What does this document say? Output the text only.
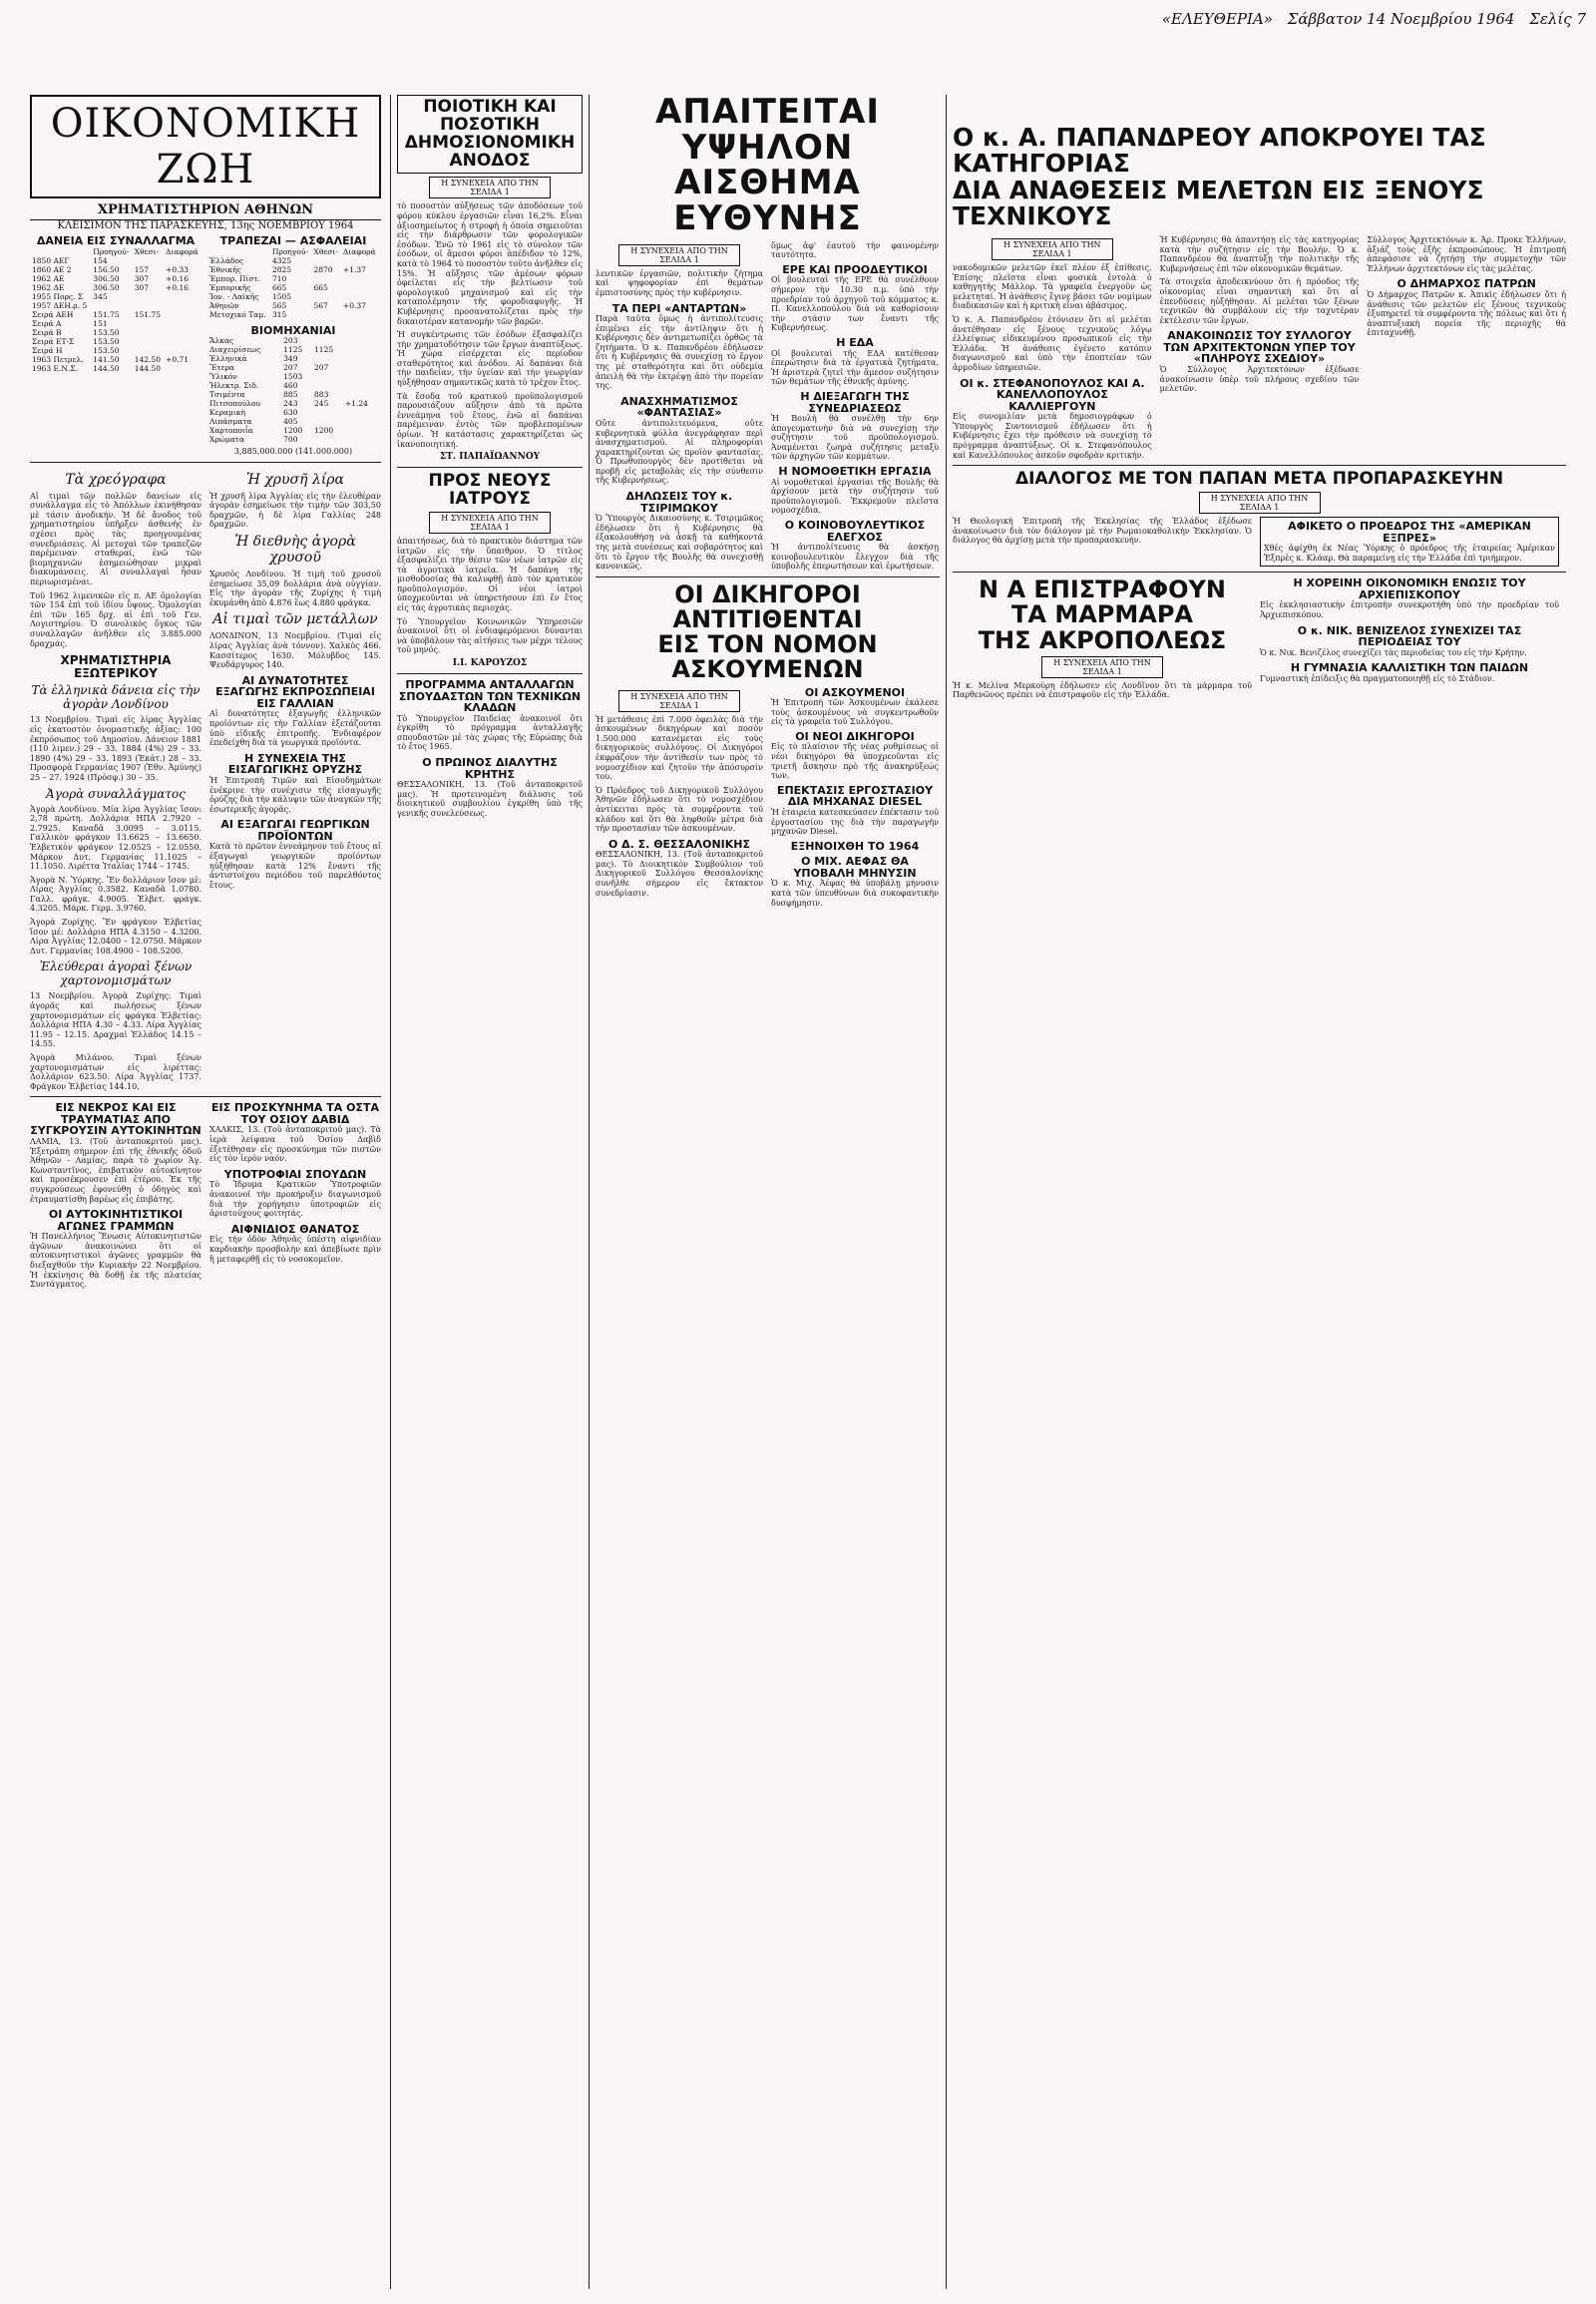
«ΕΛΕΥΘΕΡΙΑ» Σάββατον 14 Νοεμβρίου 1964 Σελίς 7
ΟΙΚΟΝΟΜΙΚΗ ΖΩΗ
ΧΡΗΜΑΤΙΣΤΗΡΙΟΝ ΑΘΗΝΩΝ
ΚΛΕΙΣΙΜΟΝ ΤΗΣ ΠΑΡΑΣΚΕΥΗΣ, 13ης ΝΟΕΜΒΡΙΟΥ 1964
ΔΑΝΕΙΑ ΕΙΣ ΣΥΝΑΛΛΑΓΜΑ
	Προηγού-	Χθεσι-	Διαφορά
1850 ΑΕΓ	154		
1860 ΑΕ 2	156.50	157	+0.33
1962 ΑΕ	306.50	307	+0.16
1962 ΔΕ	306.50	307	+0.16
1955 Πορς. Σ	345		
1957 ΔΕΗ.ρ. 5			
Σειρά ΑΕΗ	151.75	151.75	
Σειρά Α	151		
Σειρά Β	153.50		
Σειρά ΕΤ-Σ	153.50		
Σειρά Η	153.50		
1963 Πετρελ.	141.50	142.50	+0.71
1963 Ε.Ν.Σ.	144.50	144.50	
ΤΡΑΠΕΖΑΙ — ΑΣΦΑΛΕΙΑΙ
	Προηγού-	Χθεσι-	Διαφορά
Ἑλλάδος	4325		
Ἐθνικῆς	2825	2870	+1.37
Ἐμπορ. Πίστ.	710		
Ἐμπορικῆς	665	665	
Ἰον. - Λαϊκῆς	1505		
Ἀθηνῶν	565	567	+0.37
Μετοχικό Ταμ.	315		
ΒΙΟΜΗΧΑΝΙΑΙ
Ἄλκας	203		
Διαχειρίσεως	1125	1125	
Ἐλληνικὰ	349		
Ἔτερα	207	207	
Ὑλικόν	1503		
Ἠλεκτρ. Σιδ.	460		
Τσιμέντα	885	883	
Πιτσοπούλου	243	245	+1.24
Κεραμικὴ	630		
Λιπάσματα	405		
Χαρτοποιΐα	1200	1200	
Χρώματα	700		
3,885,000.000 (141.000.000)
Τὰ χρεόγραφα
Αἱ τιμαὶ τῶν πολλῶν δανείων εἰς συνάλλαγμα εἶς τὸ Ἀπόλλων ἐκινήθησαν μὲ τάσιν ἀνοδικήν. Ἡ δὲ ἄνοδος τοῦ χρηματιστηρίου ὑπῆρξεν ἀσθενὴς ἐν σχέσει πρὸς τὰς προηγουμένας συνεδριάσεις. Αἱ μετοχαὶ τῶν τραπεζῶν παρέμειναν σταθεραί, ἐνῶ τῶν βιομηχανιῶν ἐσημειώθησαν μικραὶ διακυμάνσεις. Αἱ συναλλαγαὶ ἦσαν περιωρισμέναι.
Τοῦ 1962 λιμενικῶν εἰς π. ΑΕ ὁμολογίαι τῶν 154 ἐπὶ τοῦ ἰδίου ὕψους. Ὁμολογίαι ἐπὶ τῶν 165 δρχ. αἱ ἐπὶ τοῦ Γεν. Λογιστηρίου. Ὁ συνολικὸς ὄγκος τῶν συναλλαγῶν ἀνῆλθεν εἰς 3.885.000 δραχμάς.
ΧΡΗΜΑΤΙΣΤΗΡΙΑ ΕΞΩΤΕΡΙΚΟΥ
Τὰ ἑλληνικὰ δάνεια εἰς τὴν ἀγορὰν Λονδίνου
13 Νοεμβρίου. Τιμαὶ εἰς λίρας Ἀγγλίας εἰς ἑκατοστὸν ὀνομαστικῆς ἀξίας: 100 ἐκπρόσωπος τοῦ Δημοσίου. Δάνειον 1881 (110 λιμεν.) 29 – 33. 1884 (4%) 29 – 33. 1890 (4%) 29 – 33. 1893 (Ἑκάτ.) 28 – 33. Προσφορὰ Γερμανίας 1907 (Ἑθν. Ἀμύνης) 25 – 27. 1924 (Πρόσφ.) 30 – 35.
Ἀγορὰ συναλλάγματος
Ἀγορὰ Λονδίνου. Μία λίρα Ἀγγλίας ἴσον: 2,78 πρώτη. Δολλάρια ΗΠΑ 2.7920 – 2.7925. Καναδᾶ 3.0095 – 3.0115. Γαλλικὸν φράγκον 13.6625 – 13.6650. Ἑλβετικὸν φράγκον 12.0525 – 12.0550. Μάρκον Δυτ. Γερμανίας 11.1025 – 11.1050. Λιρέττα Ἰταλίας 1744 – 1745.
Ἀγορὰ Ν. Ὑόρκης. Ἕν δολλάριον ἴσον μὲ: Λίρας Ἀγγλίας 0.3582. Καναδᾶ 1.0780. Γαλλ. φράγκ. 4.9005. Ἑλβετ. φράγκ. 4.3205. Μάρκ. Γερμ. 3.9760.
Ἀγορὰ Ζυρίχης. Ἕν φράγκον Ἑλβετίας ἴσον μέ: Δολλάρια ΗΠΑ 4.3150 – 4.3200. Λίρα Ἀγγλίας 12.0400 – 12.0750. Μάρκον Δυτ. Γερμανίας 108.4900 – 108.5200.
Ἐλεύθεραι ἀγοραὶ ξένων χαρτονομισμάτων
13 Νοεμβρίου. Ἀγορὰ Ζυρίχης: Τιμαὶ ἀγορᾶς καὶ πωλήσεως ξένων χαρτονομισμάτων εἰς φράγκα Ἑλβετίας: Δολλάρια ΗΠΑ 4.30 – 4.33. Λίρα Ἀγγλίας 11.95 – 12.15. Δραχμαὶ Ἑλλάδος 14.15 – 14.55.
Ἀγορὰ Μιλάνου. Τιμαὶ ξένων χαρτονομισμάτων εἰς λιρέττας: Δολλάριον 623.50. Λίρα Ἀγγλίας 1737. Φράγκον Ἑλβετίας 144.10.
Ἡ χρυσῆ λίρα
Ἡ χρυσῆ λίρα Ἀγγλίας εἰς τὴν ἐλευθέραν ἀγορὰν ἐσημείωσε τὴν τιμὴν τῶν 303,50 δραχμῶν, ἡ δὲ λίρα Γαλλίας 248 δραχμῶν.
Ἡ διεθνὴς ἀγορὰ χρυσοῦ
Χρυσὸς Λονδίνου. Ἡ τιμὴ τοῦ χρυσοῦ ἐσημείωσε 35,09 δολλάρια ἀνὰ οὐγγίαν. Εἰς τὴν ἀγορὰν τῆς Ζυρίχης ἡ τιμὴ ἐκυμάνθη ἀπὸ 4.876 ἕως 4.880 φράγκα.
Αἱ τιμαὶ τῶν μετάλλων
ΛΟΝΔΙΝΟΝ, 13 Νοεμβρίου. (Τιμαὶ εἰς λίρας Ἀγγλίας ἀνὰ τόννον). Χαλκὸς 466. Κασσίτερος 1630. Μόλυβδος 145. Ψευδάργυρος 140.
ΑΙ ΔΥΝΑΤΟΤΗΤΕΣ ΕΞΑΓΩΓΗΣ ΕΚΠΡΟΣΩΠΕΙΑΙ ΕΙΣ ΓΑΛΛΙΑΝ
Αἱ δυνατότητες ἐξαγωγῆς ἑλληνικῶν προϊόντων εἰς τὴν Γαλλίαν ἐξετάζονται ὑπὸ εἰδικῆς ἐπιτροπῆς. Ἐνδιαφέρον ἐπεδείχθη διὰ τὰ γεωργικὰ προϊόντα.
Η ΣΥΝΕΧΕΙΑ ΤΗΣ ΕΙΣΑΓΩΓΙΚΗΣ ΟΡΥΖΗΣ
Ἡ Ἐπιτροπὴ Τιμῶν καὶ Εἰσοδημάτων ἐνέκρινε τὴν συνέχισιν τῆς εἰσαγωγῆς ὀρύζης διὰ τὴν κάλυψιν τῶν ἀναγκῶν τῆς ἐσωτερικῆς ἀγορᾶς.
ΑΙ ΕΞΑΓΩΓΑΙ ΓΕΩΡΓΙΚΩΝ ΠΡΟΪΟΝΤΩΝ
Κατὰ τὸ πρῶτον ἐννεάμηνον τοῦ ἔτους αἱ ἐξαγωγαὶ γεωργικῶν προϊόντων ηὐξήθησαν κατὰ 12% ἔναντι τῆς ἀντιστοίχου περιόδου τοῦ παρελθόντος ἔτους.
ΕΙΣ ΝΕΚΡΟΣ ΚΑΙ ΕΙΣ ΤΡΑΥΜΑΤΙΑΣ ΑΠΟ ΣΥΓΚΡΟΥΣΙΝ ΑΥΤΟΚΙΝΗΤΩΝ
ΛΑΜΙΑ, 13. (Τοῦ ἀνταποκριτοῦ μας). Ἐξετράπη σήμερον ἐπὶ τῆς ἐθνικῆς ὁδοῦ Ἀθηνῶν - Λαμίας, παρὰ τὸ χωρίον Ἁγ. Κωνσταντῖνος, ἐπιβατικὸν αὐτοκίνητον καὶ προσέκρουσεν ἐπὶ ἐτέρου. Ἐκ τῆς συγκρούσεως ἐφονεύθη ὁ ὁδηγὸς καὶ ἐτραυματίσθη βαρέως εἷς ἐπιβάτης.
ΟΙ ΑΥΤΟΚΙΝΗΤΙΣΤΙΚΟΙ ΑΓΩΝΕΣ ΓΡΑΜΜΩΝ
Ἡ Πανελλήνιος Ἕνωσις Αὐτοκινητιστῶν ἀγῶνων ἀνακοινώνει ὅτι οἱ αὐτοκινητιστικοὶ ἀγῶνες γραμμῶν θὰ διεξαχθοῦν τὴν Κυριακὴν 22 Νοεμβρίου. Ἡ ἐκκίνησις θὰ δοθῇ ἐκ τῆς πλατείας Συντάγματος.
ΕΙΣ ΠΡΟΣΚΥΝΗΜΑ ΤΑ ΟΣΤΑ ΤΟΥ ΟΣΙΟΥ ΔΑΒΙΔ
ΧΑΛΚΙΣ, 13. (Τοῦ ἀνταποκριτοῦ μας). Τὰ ἱερὰ λείψανα τοῦ Ὁσίου Δαβὶδ ἐξετέθησαν εἰς προσκύνημα τῶν πιστῶν εἰς τὸν ἱερὸν ναόν.
ΥΠΟΤΡΟΦΙΑΙ ΣΠΟΥΔΩΝ
Τὸ Ἱδρυμα Κρατικῶν Ὑποτροφιῶν ἀνακοινοῖ τὴν προκήρυξιν διαγωνισμοῦ διὰ τὴν χορήγησιν ὑποτροφιῶν εἰς ἀριστούχους φοιτητάς.
ΑΙΦΝΙΔΙΟΣ ΘΑΝΑΤΟΣ
Εἰς τὴν ὁδὸν Ἀθηνᾶς ὑπέστη αἰφνιδίαν καρδιακὴν προσβολὴν καὶ ἀπεβίωσε πρὶν ἢ μεταφερθῇ εἰς τὸ νοσοκομεῖον.
ΠΟΙΟΤΙΚΗ ΚΑΙ ΠΟΣΟΤΙΚΗ ΔΗΜΟΣΙΟΝΟΜΙΚΗ ΑΝΟΔΟΣ
Η ΣΥΝΕΧΕΙΑ ΑΠΟ ΤΗΝ ΣΕΛΙΔΑ 1
τὸ ποσοστὸν αὐξήσεως τῶν ἀποδόσεων τοῦ φόρου κύκλου ἐργασιῶν εἶναι 16,2%. Εἶναι ἀξιοσημείωτος ἡ στροφὴ ἡ ὁποία σημειοῦται εἰς τὴν διάρθρωσιν τῶν φορολογικῶν ἐσόδων. Ἐνῶ τὸ 1961 εἰς τὸ σύνολον τῶν ἐσόδων, οἱ ἄμεσοι φόροι ἀπέδιδον τὸ 12%, κατὰ τὸ 1964 τὸ ποσοστὸν τοῦτο ἀνῆλθεν εἰς 15%. Ἡ αὔξησις τῶν ἀμέσων φόρων ὀφείλεται εἰς τὴν βελτίωσιν τοῦ φορολογικοῦ μηχανισμοῦ καὶ εἰς τὴν καταπολέμησιν τῆς φοροδιαφυγῆς. Ἡ Κυβέρνησις προσανατολίζεται πρὸς τὴν δικαιοτέραν κατανομὴν τῶν βαρῶν.
Ἡ συγκέντρωσις τῶν ἐσόδων ἐξασφαλίζει τὴν χρηματοδότησιν τῶν ἔργων ἀναπτύξεως. Ἡ χώρα εἰσέρχεται εἰς περίοδον σταθερότητος καὶ ἀνόδου. Αἱ δαπάναι διὰ τὴν παιδείαν, τὴν ὑγείαν καὶ τὴν γεωργίαν ηὐξήθησαν σημαντικῶς κατὰ τὸ τρέχον ἔτος.
Τὰ ἔσοδα τοῦ κρατικοῦ προϋπολογισμοῦ παρουσιάζουν αὔξησιν ἀπὸ τὰ πρῶτα ἐννεάμηνα τοῦ ἔτους, ἐνῶ αἱ δαπάναι παρέμειναν ἐντὸς τῶν προβλεπομένων ὁρίων. Ἡ κατάστασις χαρακτηρίζεται ὡς ἱκανοποιητική.
ΣΤ. ΠΑΠΑΪΩΑΝΝΟΥ
ΠΡΟΣ ΝΕΟΥΣ ΙΑΤΡΟΥΣ
Η ΣΥΝΕΧΕΙΑ ΑΠΟ ΤΗΝ ΣΕΛΙΔΑ 1
ἀπαιτήσεως, διὰ τὸ πρακτικὸν διάστημα τῶν ἰατρῶν εἰς τὴν ὕπαιθρον. Ὁ τίτλος ἐξασφαλίζει τὴν θέσιν τῶν νέων ἰατρῶν εἰς τὰ ἀγροτικὰ ἰατρεῖα. Ἡ δαπάνη τῆς μισθοδοσίας θὰ καλυφθῇ ἀπὸ τὸν κρατικὸν προϋπολογισμόν. Οἱ νέοι ἰατροὶ ὑποχρεοῦνται νὰ ὑπηρετήσουν ἐπὶ ἕν ἔτος εἰς τὰς ἀγροτικὰς περιοχάς.
Τὸ Ὑπουργεῖον Κοινωνικῶν Ὑπηρεσιῶν ἀνακοινοῖ ὅτι οἱ ἐνδιαφερόμενοι δύνανται νὰ ὑποβάλουν τὰς αἰτήσεις των μέχρι τέλους τοῦ μηνός.
Ι.Ι. ΚΑΡΟΥΖΟΣ
ΠΡΟΓΡΑΜΜΑ ΑΝΤΑΛΛΑΓΩΝ ΣΠΟΥΔΑΣΤΩΝ ΤΩΝ ΤΕΧΝΙΚΩΝ ΚΛΑΔΩΝ
Τὸ Ὑπουργεῖον Παιδείας ἀνακοινοῖ ὅτι ἐγκρίθη τὸ πρόγραμμα ἀνταλλαγῆς σπουδαστῶν μὲ τὰς χώρας τῆς Εὐρώπης διὰ τὸ ἔτος 1965.
Ο ΠΡΩΙΝΟΣ ΔΙΑΛΥΤΗΣ ΚΡΗΤΗΣ
ΘΕΣΣΑΛΟΝΙΚΗ, 13. (Τοῦ ἀνταποκριτοῦ μας). Ἡ προτεινομένη διάλυσις τοῦ διοικητικοῦ συμβουλίου ἐγκρίθη ὑπὸ τῆς γενικῆς συνελεύσεως.
ΑΠΑΙΤΕΙΤΑΙ ΥΨΗΛΟΝ
ΑΙΣΘΗΜΑ ΕΥΘΥΝΗΣ
Η ΣΥΝΕΧΕΙΑ ΑΠΟ ΤΗΝ ΣΕΛΙΔΑ 1
λευτικῶν ἐργασιῶν, πολιτικὴν ζήτημα καὶ ψηφοφορίαν ἐπὶ θεμάτων ἐμπιστοσύνης πρὸς τὴν κυβέρνησιν.
ΤΑ ΠΕΡΙ «ΑΝΤΑΡΤΩΝ»
Παρὰ ταῦτα ὅμως ἡ ἀντιπολίτευσις ἐπιμένει εἰς τὴν ἀντίληψιν ὅτι ἡ Κυβέρνησις δὲν ἀντιμετωπίζει ὀρθῶς τὰ ζητήματα. Ὁ κ. Παπανδρέου ἐδήλωσεν ὅτι ἡ Κυβέρνησις θὰ συνεχίσῃ τὸ ἔργον της μὲ σταθερότητα καὶ ὅτι οὐδεμία ἀπειλὴ θὰ τὴν ἐκτρέψῃ ἀπὸ τὴν πορείαν της.
ΑΝΑΣΧΗΜΑΤΙΣΜΟΣ «ΦΑΝΤΑΣΙΑΣ»
Οὔτε ἀντιπολιτευόμενα, οὔτε κυβερνητικὰ φύλλα ἀνεγράφησαν περὶ ἀνασχηματισμοῦ. Αἱ πληροφορίαι χαρακτηρίζονται ὡς προϊὸν φαντασίας. Ὁ Πρωθυπουργὸς δὲν προτίθεται νὰ προβῇ εἰς μεταβολὰς εἰς τὴν σύνθεσιν τῆς Κυβερνήσεως.
ΔΗΛΩΣΕΙΣ ΤΟΥ κ. ΤΣΙΡΙΜΩΚΟΥ
Ὁ Ὑπουργὸς Δικαιοσύνης κ. Τσιριμῶκος ἐδήλωσεν ὅτι ἡ Κυβέρνησις θὰ ἐξακολουθήσῃ νὰ ἀσκῇ τὰ καθήκοντά της μετὰ συνέσεως καὶ σοβαρότητος καὶ ὅτι τὸ ἔργον τῆς Βουλῆς θὰ συνεχισθῇ κανονικῶς.
ὅμως ἀφ' ἑαυτοῦ τὴν φαινομένην ταυτότητα.
ΕΡΕ ΚΑΙ ΠΡΟΟΔΕΥΤΙΚΟΙ
Οἱ βουλευταὶ τῆς ΕΡΕ θὰ συνέλθουν σήμερον τὴν 10.30 π.μ. ὑπὸ τὴν προεδρίαν τοῦ ἀρχηγοῦ τοῦ κόμματος κ. Π. Κανελλοπούλου διὰ νὰ καθορίσουν τὴν στάσιν των ἔναντι τῆς Κυβερνήσεως.
Η ΕΔΑ
Οἱ βουλευταὶ τῆς ΕΔΑ κατέθεσαν ἐπερώτησιν διὰ τὰ ἐργατικὰ ζητήματα. Ἡ ἀριστερὰ ζητεῖ τὴν ἄμεσον συζήτησιν τῶν θεμάτων τῆς ἐθνικῆς ἀμύνης.
Η ΔΙΕΞΑΓΩΓΗ ΤΗΣ ΣΥΝΕΔΡΙΑΣΕΩΣ
Ἡ Βουλὴ θὰ συνέλθῃ τὴν 6ην ἀπογευματινὴν διὰ νὰ συνεχίσῃ τὴν συζήτησιν τοῦ προϋπολογισμοῦ. Ἀναμένεται ζωηρὰ συζήτησις μεταξὺ τῶν ἀρχηγῶν τῶν κομμάτων.
Η ΝΟΜΟΘΕΤΙΚΗ ΕΡΓΑΣΙΑ
Αἱ νομοθετικαὶ ἐργασίαι τῆς Βουλῆς θὰ ἀρχίσουν μετὰ τὴν συζήτησιν τοῦ προϋπολογισμοῦ. Ἐκκρεμοῦν πλεῖστα νομοσχέδια.
Ο ΚΟΙΝΟΒΟΥΛΕΥΤΙΚΟΣ ΕΛΕΓΧΟΣ
Ἡ ἀντιπολίτευσις θὰ ἀσκήσῃ κοινοβουλευτικὸν ἔλεγχον διὰ τῆς ὑποβολῆς ἐπερωτήσεων καὶ ἐρωτήσεων.
ΟΙ ΔΙΚΗΓΟΡΟΙ ΑΝΤΙΤΙΘΕΝΤΑΙ
ΕΙΣ ΤΟΝ ΝΟΜΟΝ ΑΣΚΟΥΜΕΝΩΝ
Η ΣΥΝΕΧΕΙΑ ΑΠΟ ΤΗΝ ΣΕΛΙΔΑ 1
Ἡ μετάθεσις ἐπὶ 7.000 ὀφειλὰς διὰ τὴν ἀσκουμένων δικηγόρων καὶ ποσὸν 1.500.000 κατανέμεται εἰς τοὺς δικηγορικοὺς συλλόγους. Οἱ Δικηγόροι ἐκφράζουν τὴν ἀντίθεσίν των πρὸς τὸ νομοσχέδιον καὶ ζητοῦν τὴν ἀπόσυρσίν του.
Ὁ Πρόεδρος τοῦ Δικηγορικοῦ Συλλόγου Ἀθηνῶν ἐδήλωσεν ὅτι τὸ νομοσχέδιον ἀντίκειται πρὸς τὰ συμφέροντα τοῦ κλάδου καὶ ὅτι θὰ ληφθοῦν μέτρα διὰ τὴν προστασίαν τῶν ἀσκουμένων.
Ο Δ. Σ. ΘΕΣΣΑΛΟΝΙΚΗΣ
ΘΕΣΣΑΛΟΝΙΚΗ, 13. (Τοῦ ἀνταποκριτοῦ μας). Τὸ Διοικητικὸν Συμβούλιον τοῦ Δικηγορικοῦ Συλλόγου Θεσσαλονίκης συνῆλθε σήμερον εἰς ἔκτακτον συνεδρίασιν.
ΟΙ ΑΣΚΟΥΜΕΝΟΙ
Ἡ Ἐπιτροπὴ τῶν Ἀσκουμένων ἐκάλεσε τοὺς ἀσκουμένους νὰ συγκεντρωθοῦν εἰς τὰ γραφεῖα τοῦ Συλλόγου.
ΟΙ ΝΕΟΙ ΔΙΚΗΓΟΡΟΙ
Εἰς τὸ πλαίσιον τῆς νέας ρυθμίσεως οἱ νέοι δικηγόροι θὰ ὑποχρεοῦνται εἰς τριετῆ ἄσκησιν πρὸ τῆς ἀνακηρύξεώς των.
ΕΠΕΚΤΑΣΙΣ ΕΡΓΟΣΤΑΣΙΟΥ ΔΙΑ ΜΗΧΑΝΑΣ DIESEL
Ἡ ἑταιρεία κατεσκεύασεν ἐπέκτασιν τοῦ ἐργοστασίου της διὰ τὴν παραγωγὴν μηχανῶν Diesel.
ΕΞΗΝΟΙΧΘΗ ΤΟ 1964
Ο ΜΙΧ. ΑΕΦΑΣ ΘΑ ΥΠΟΒΑΛΗ ΜΗΝΥΣΙΝ
Ὁ κ. Μιχ. Ἀέφας θὰ ὑποβάλῃ μήνυσιν κατὰ τῶν ὑπευθύνων διὰ συκοφαντικὴν δυσφήμησιν.
Ο κ. Α. ΠΑΠΑΝΔΡΕΟΥ ΑΠΟΚΡΟΥΕΙ ΤΑΣ ΚΑΤΗΓΟΡΙΑΣ
ΔΙΑ ΑΝΑΘΕΣΕΙΣ ΜΕΛΕΤΩΝ ΕΙΣ ΞΕΝΟΥΣ ΤΕΧΝΙΚΟΥΣ
Η ΣΥΝΕΧΕΙΑ ΑΠΟ ΤΗΝ ΣΕΛΙΔΑ 1
νακοδομικῶν μελετῶν ἐκεῖ πλέον ἐξ ἐπίθεσις. Ἐπίσης πλεῖστα εἶναι φυσικὰ ἐντολὰ ὁ καθηγητὴς Μάλλορ. Τὰ γραφεῖα ἐνεργοῦν ὡς μελετηταί. Ἡ ἀνάθεσις ἔγινε βάσει τῶν νομίμων διαδικασιῶν καὶ ἡ κριτικὴ εἶναι ἀβάσιμος.
Ὁ κ. Α. Παπανδρέου ἐτόνισεν ὅτι αἱ μελέται ἀνετέθησαν εἰς ξένους τεχνικοὺς λόγῳ ἐλλείψεως εἰδικευμένου προσωπικοῦ εἰς τὴν Ἑλλάδα. Ἡ ἀνάθεσις ἐγένετο κατόπιν διαγωνισμοῦ καὶ ὑπὸ τὴν ἐποπτείαν τῶν ἁρμοδίων ὑπηρεσιῶν.
ΟΙ κ. ΣΤΕΦΑΝΟΠΟΥΛΟΣ ΚΑΙ Α. ΚΑΝΕΛΛΟΠΟΥΛΟΣ ΚΑΛΛΙΕΡΓΟΥΝ
Εἰς συνομιλίαν μετὰ δημοσιογράφων ὁ Ὑπουργὸς Συντονισμοῦ ἐδήλωσεν ὅτι ἡ Κυβέρνησις ἔχει τὴν πρόθεσιν νὰ συνεχίσῃ τὸ πρόγραμμα ἀναπτύξεως. Οἱ κ. Στεφανόπουλος καὶ Κανελλόπουλος ἀσκοῦν σφοδρὰν κριτικήν.
Ἡ Κυβέρνησις θὰ ἀπαντήσῃ εἰς τὰς κατηγορίας κατὰ τὴν συζήτησιν εἰς τὴν Βουλήν. Ὁ κ. Παπανδρέου θὰ ἀναπτύξῃ τὴν πολιτικὴν τῆς Κυβερνήσεως ἐπὶ τῶν οἰκονομικῶν θεμάτων.
Τὰ στοιχεῖα ἀποδεικνύουν ὅτι ἡ πρόοδος τῆς οἰκονομίας εἶναι σημαντικὴ καὶ ὅτι αἱ ἐπενδύσεις ηὐξήθησαν. Αἱ μελέται τῶν ξένων τεχνικῶν θὰ συμβάλουν εἰς τὴν ταχυτέραν ἐκτέλεσιν τῶν ἔργων.
ΑΝΑΚΟΙΝΩΣΙΣ ΤΟΥ ΣΥΛΛΟΓΟΥ ΤΩΝ ΑΡΧΙΤΕΚΤΟΝΩΝ ΥΠΕΡ ΤΟΥ «ΠΛΗΡΟΥΣ ΣΧΕΔΙΟΥ»
Ὁ Σύλλογος Ἀρχιτεκτόνων ἐξέδωσε ἀνακοίνωσιν ὑπὲρ τοῦ πλήρους σχεδίου τῶν μελετῶν.
Σύλλογος Ἀρχιτεκτόνων κ. Ἀρ. Προκε Ἑλλήνων, ἀξιάζ τοὺς ἑξῆς ἐκπροσώπους. Ἡ ἐπιτροπὴ ἀπεφάσισε νὰ ζητήσῃ τὴν συμμετοχὴν τῶν Ἑλλήνων ἀρχιτεκτόνων εἰς τὰς μελέτας.
Ο ΔΗΜΑΡΧΟΣ ΠΑΤΡΩΝ
Ὁ Δήμαρχος Πατρῶν κ. Ἀπικὶς ἐδήλωσεν ὅτι ἡ ἀνάθεσις τῶν μελετῶν εἰς ξένους τεχνικοὺς ἐξυπηρετεῖ τὰ συμφέροντα τῆς πόλεως καὶ ὅτι ἡ ἀναπτυξιακὴ πορεία τῆς περιοχῆς θὰ ἐπιταχυνθῇ.
ΔΙΑΛΟΓΟΣ ΜΕ ΤΟΝ ΠΑΠΑΝ ΜΕΤΑ ΠΡΟΠΑΡΑΣΚΕΥΗΝ
Η ΣΥΝΕΧΕΙΑ ΑΠΟ ΤΗΝ ΣΕΛΙΔΑ 1
Ἡ Θεολογικὴ Ἐπιτροπὴ τῆς Ἐκκλησίας τῆς Ἑλλάδος ἐξέδωσε ἀνακοίνωσιν διὰ τὸν διάλογον μὲ τὴν Ρωμαιοκαθολικὴν Ἐκκλησίαν. Ὁ διάλογος θὰ ἀρχίσῃ μετὰ τὴν προπαρασκευήν.
ΑΦΙΚΕΤΟ Ο ΠΡΟΕΔΡΟΣ ΤΗΣ «ΑΜΕΡΙΚΑΝ ΕΞΠΡΕΣ»
Χθὲς ἀφίχθη ἐκ Νέας Ὑόρκης ὁ πρόεδρος τῆς ἑταιρείας Ἀμέρικαν Ἐξπρὲς κ. Κλάαρ. Θὰ παραμείνῃ εἰς τὴν Ἑλλάδα ἐπὶ τριήμερον.
Ν Α ΕΠΙΣΤΡΑΦΟΥΝ
ΤΑ ΜΑΡΜΑΡΑ
ΤΗΣ ΑΚΡΟΠΟΛΕΩΣ
Η ΣΥΝΕΧΕΙΑ ΑΠΟ ΤΗΝ ΣΕΛΙΔΑ 1
Ἡ κ. Μελίνα Μερκούρη ἐδήλωσεν εἰς Λονδῖνον ὅτι τὰ μάρμαρα τοῦ Παρθενῶνος πρέπει νὰ ἐπιστραφοῦν εἰς τὴν Ἑλλάδα.
Η ΧΟΡΕΙΝΗ ΟΙΚΟΝΟΜΙΚΗ ΕΝΩΣΙΣ ΤΟΥ ΑΡΧΙΕΠΙΣΚΟΠΟΥ
Εἰς ἐκκλησιαστικὴν ἐπιτροπὴν συνεκροτήθη ὑπὸ τὴν προεδρίαν τοῦ Ἀρχιεπισκόπου.
Ο κ. ΝΙΚ. ΒΕΝΙΖΕΛΟΣ ΣΥΝΕΧΙΖΕΙ ΤΑΣ ΠΕΡΙΟΔΕΙΑΣ ΤΟΥ
Ὁ κ. Νικ. Βενιζέλος συνεχίζει τὰς περιοδείας του εἰς τὴν Κρήτην.
Η ΓΥΜΝΑΣΙΑ ΚΑΛΛΙΣΤΙΚΗ ΤΩΝ ΠΑΙΔΩΝ
Γυμναστικὴ ἐπίδειξις θὰ πραγματοποιηθῇ εἰς τὸ Στάδιον.
